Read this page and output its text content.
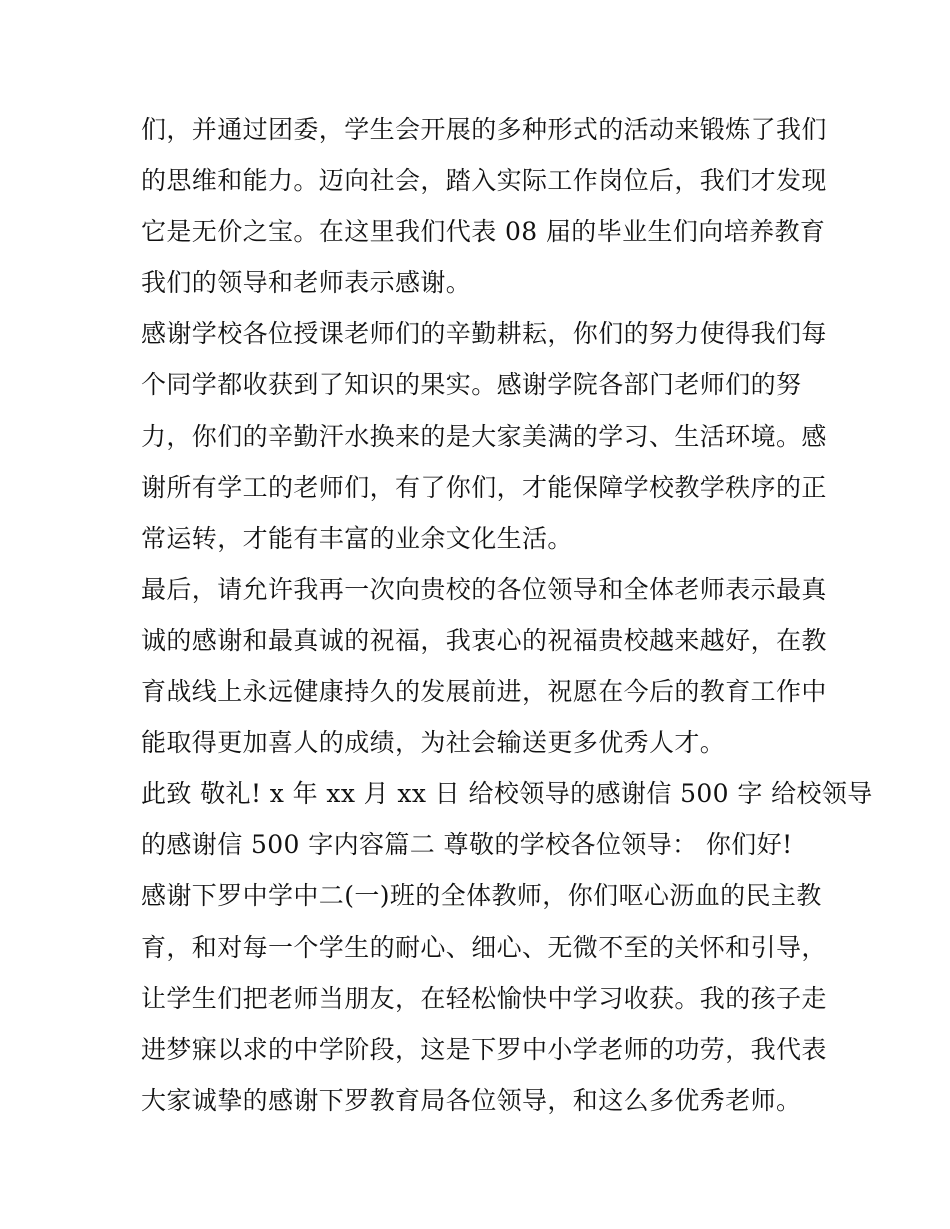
们，并通过团委，学生会开展的多种形式的活动来锻炼了我们
的思维和能力。迈向社会，踏入实际工作岗位后，我们才发现
它是无价之宝。在这里我们代表 08 届的毕业生们向培养教育
我们的领导和老师表示感谢。
感谢学校各位授课老师们的辛勤耕耘，你们的努力使得我们每
个同学都收获到了知识的果实。感谢学院各部门老师们的努
力，你们的辛勤汗水换来的是大家美满的学习、生活环境。感
谢所有学工的老师们，有了你们，才能保障学校教学秩序的正
常运转，才能有丰富的业余文化生活。
最后，请允许我再一次向贵校的各位领导和全体老师表示最真
诚的感谢和最真诚的祝福，我衷心的祝福贵校越来越好，在教
育战线上永远健康持久的发展前进，祝愿在今后的教育工作中
能取得更加喜人的成绩，为社会输送更多优秀人才。
此致 敬礼! x 年 xx 月 xx 日 给校领导的感谢信 500 字 给校领导
的感谢信 500 字内容篇二 尊敬的学校各位领导： 你们好!
感谢下罗中学中二(一)班的全体教师，你们呕心沥血的民主教
育，和对每一个学生的耐心、细心、无微不至的关怀和引导，
让学生们把老师当朋友，在轻松愉快中学习收获。我的孩子走
进梦寐以求的中学阶段，这是下罗中小学老师的功劳，我代表
大家诚挚的感谢下罗教育局各位领导，和这么多优秀老师。
